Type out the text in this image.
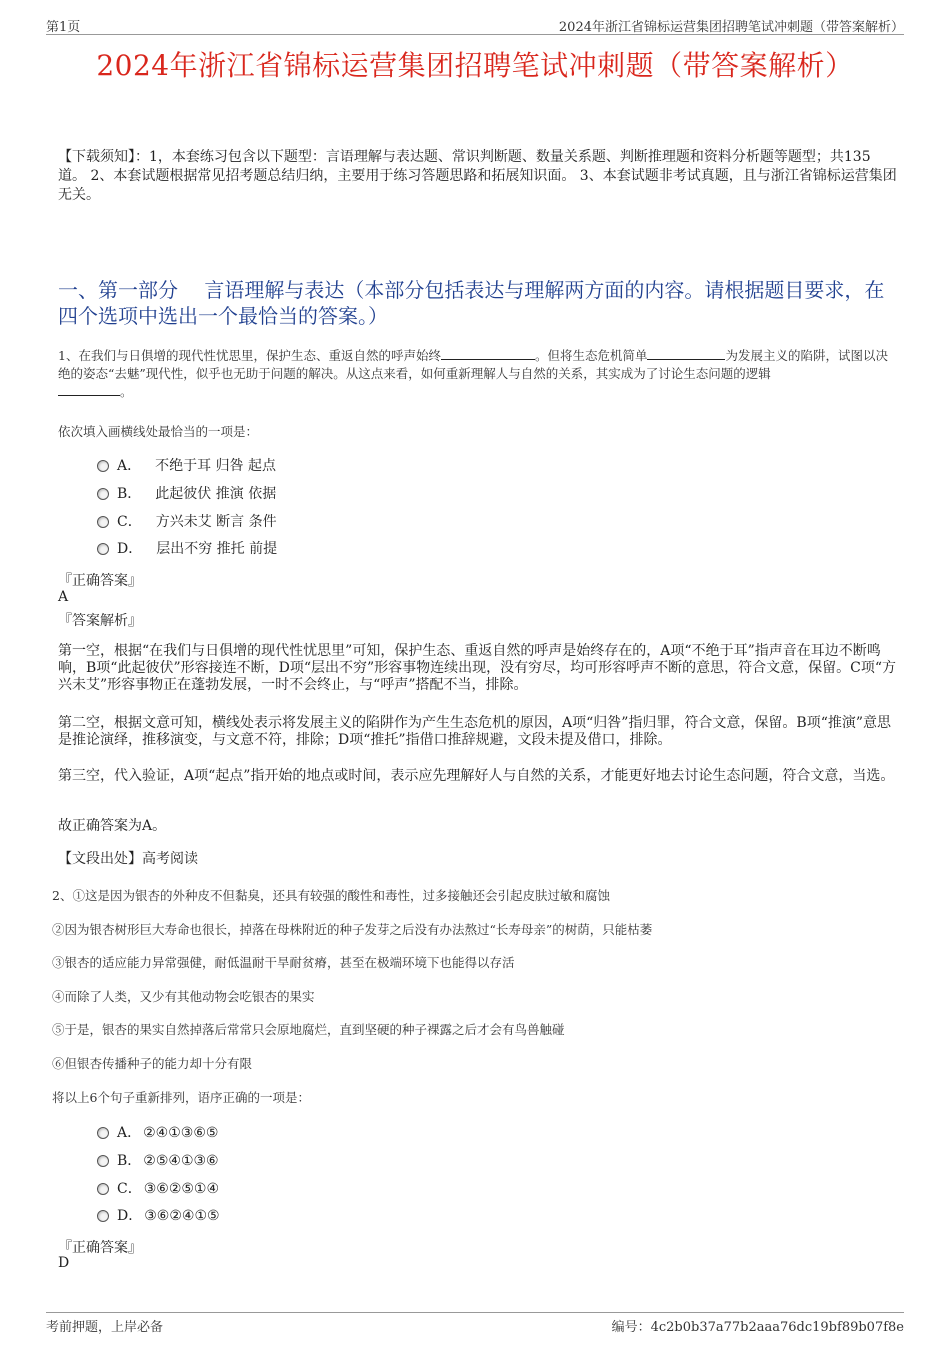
第1页	2024年浙江省锦标运营集团招聘笔试冲刺题（带答案解析）
2024年浙江省锦标运营集团招聘笔试冲刺题（带答案解析）
【下载须知】：1，本套练习包含以下题型：言语理解与表达题、常识判断题、数量关系题、判断推理题和资料分析题等题型；共135道。 2、本套试题根据常见招考题总结归纳，主要用于练习答题思路和拓展知识面。 3、本套试题非考试真题，且与浙江省锦标运营集团无关。
一、第一部分　 言语理解与表达（本部分包括表达与理解两方面的内容。请根据题目要求，在四个选项中选出一个最恰当的答案。）
1、在我们与日俱增的现代性忧思里，保护生态、重返自然的呼声始终	。但将生态危机简单	为发展主义的陷阱，试图以决绝的姿态“去魅”现代性，似乎也无助于问题的解决。从这点来看，如何重新理解人与自然的关系，其实成为了讨论生态问题的逻辑
。
依次填入画横线处最恰当的一项是：
A． 不绝于耳 归咎 起点
B． 此起彼伏 推演 依据
C． 方兴未艾 断言 条件
D． 层出不穷 推托 前提
『正确答案』
A
『答案解析』
第一空，根据“在我们与日俱增的现代性忧思里”可知，保护生态、重返自然的呼声是始终存在的，A项“不绝于耳”指声音在耳边不断鸣响，B项“此起彼伏”形容接连不断，D项“层出不穷”形容事物连续出现，没有穷尽，均可形容呼声不断的意思，符合文意，保留。C项“方兴未艾”形容事物正在蓬勃发展，一时不会终止，与“呼声”搭配不当，排除。
第二空，根据文意可知，横线处表示将发展主义的陷阱作为产生生态危机的原因，A项“归咎”指归罪，符合文意，保留。B项“推演”意思是推论演绎，推移演变，与文意不符，排除；D项“推托”指借口推辞规避，文段未提及借口，排除。
第三空，代入验证，A项“起点”指开始的地点或时间，表示应先理解好人与自然的关系，才能更好地去讨论生态问题，符合文意，当选。
故正确答案为A。
【文段出处】高考阅读
2、①这是因为银杏的外种皮不但黏臭，还具有较强的酸性和毒性，过多接触还会引起皮肤过敏和腐蚀
②因为银杏树形巨大寿命也很长，掉落在母株附近的种子发芽之后没有办法熬过“长寿母亲”的树荫，只能枯萎
③银杏的适应能力异常强健，耐低温耐干旱耐贫瘠，甚至在极端环境下也能得以存活
④而除了人类，又少有其他动物会吃银杏的果实
⑤于是，银杏的果实自然掉落后常常只会原地腐烂，直到坚硬的种子裸露之后才会有鸟兽触碰
⑥但银杏传播种子的能力却十分有限
将以上6个句子重新排列，语序正确的一项是：
A． ②④①③⑥⑤
B． ②⑤④①③⑥
C． ③⑥②⑤①④
D． ③⑥②④①⑤
『正确答案』
D
考前押题，上岸必备	编号：4c2b0b37a77b2aaa76dc19bf89b07f8e
